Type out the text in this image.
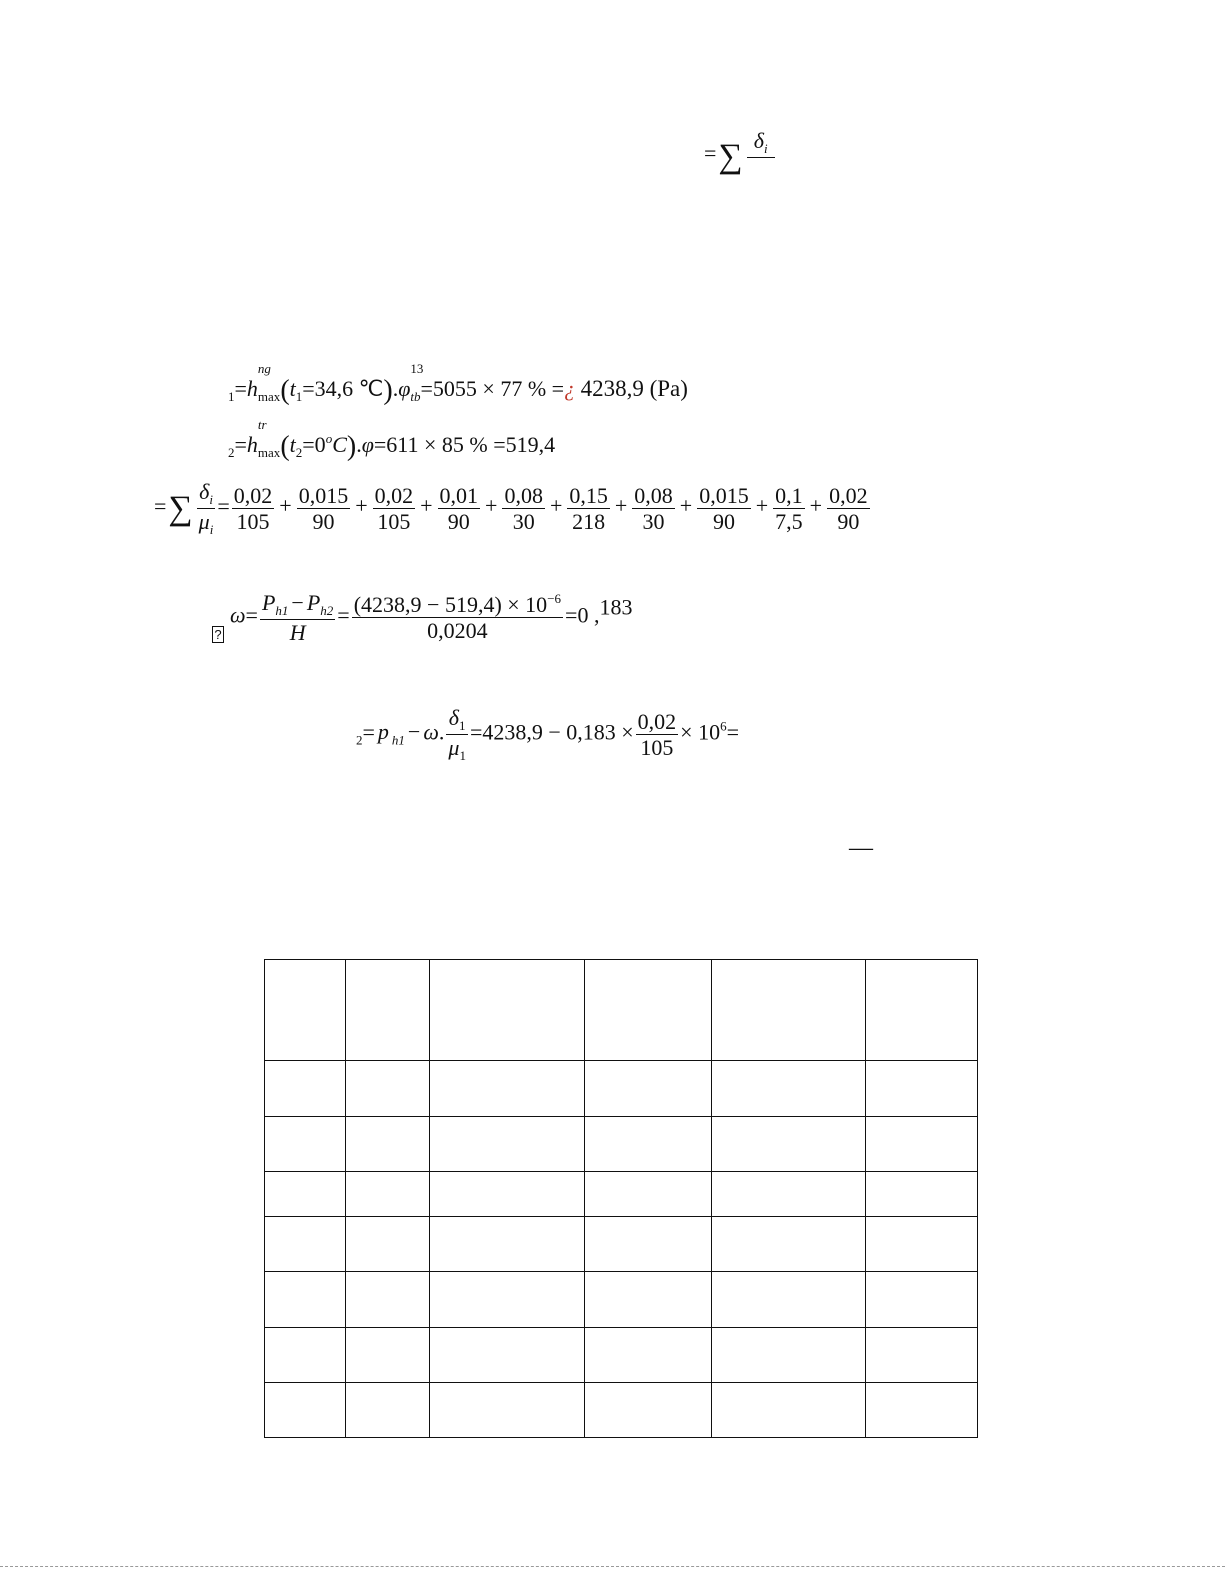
=∑ $\delta_i$

$_1$=h
ng
$_{max}(t_1=34,6$ ℃).φ
13
$_{tb}$=5055 × 77 % =¿ 4238,9 (Pa)
$_2$=h
tr
$_{max}(t_2=0^oC).\varphi=611 \times 85$ % =519,4
=∑ $\frac{\delta_i}{\mu_i} = \frac{0,02}{105} + \frac{0,015}{90} + \frac{0,02}{105} + \frac{0,01}{90} + \frac{0,08}{30} + \frac{0,15}{218} + \frac{0,08}{30} + \frac{0,015}{90} + \frac{0,1}{7,5} + \frac{0,02}{90}$
?ω= $\frac{P_{h1} - P_{h2}}{H} = \frac{(4238,9 - 519,4) \times 10^{-6}}{0,0204} =0$ ,183
$_2$= p $_{h1}$ − ω. $\frac{\delta_1}{\mu_1} =4238,9 - 0,183 \times \frac{0,02}{105} \times 10^6=$
—
